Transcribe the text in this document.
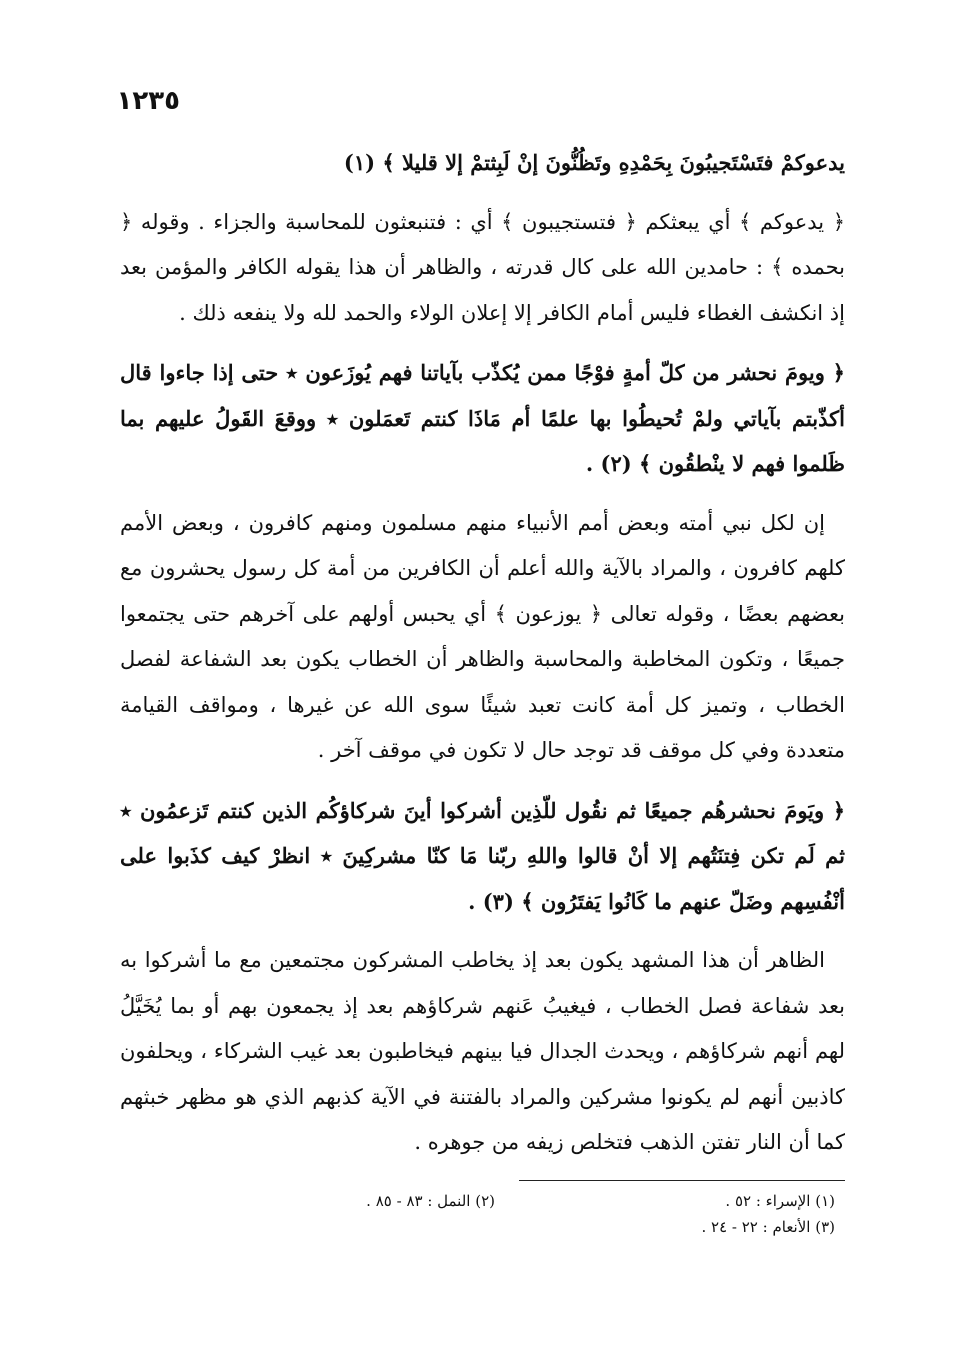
١٢٣٥

يدعوكمْ فتَسْتَجيبُونَ بِحَمْدِهِ وتَظُنُّونَ إنْ لَبِثتمْ إلا قليلا ﴾ (١)

﴿ يدعوكم ﴾ أي يبعثكم ﴿ فتستجيبون ﴾ أي : فتنبعثون للمحاسبة والجزاء . وقوله ﴿ بحمده ﴾ : حامدين الله على كال قدرته ، والظاهر أن هذا يقوله الكافر والمؤمن بعد إذ انكشف الغطاء فليس أمام الكافر إلا إعلان الولاء والحمد لله ولا ينفعه ذلك .

﴿ ويومَ نحشر من كلّ أمةٍ فوْجًا ممن يُكذّب بآياتنا فهم يُوزَعون ٭ حتى إذا جاءوا قال أكذّبتم بآياتي ولمْ تُحيطُوا بها علمًا أم مَاذَا كنتم تَعمَلون ٭ ووقعَ القَولُ عليهم بما ظَلموا فهم لا ينْطقُون ﴾ (٢) .

إن لكل نبي أمته وبعض أمم الأنبياء منهم مسلمون ومنهم كافرون ، وبعض الأمم كلهم كافرون ، والمراد بالآية والله أعلم أن الكافرين من أمة كل رسول يحشرون مع بعضهم بعضًا ، وقوله تعالى ﴿ يوزعون ﴾ أي يحبس أولهم على آخرهم حتى يجتمعوا جميعًا ، وتكون المخاطبة والمحاسبة والظاهر أن الخطاب يكون بعد الشفاعة لفصل الخطاب ، وتميز كل أمة كانت تعبد شيئًا سوى الله عن غيرها ، ومواقف القيامة متعددة وفي كل موقف قد توجد حال لا تكون في موقف آخر .

﴿ ويَومَ نحشرهُم جميعًا ثم نقُول للّذِين أشركوا أينَ شركاؤكُم الذين كنتم تَزعمُون ٭ ثم لَم تكن فِتنَتُهم إلا أنْ قالوا واللهِ ربّنا مَا كنّا مشركِينَ ٭ انظرْ كيف كذَبوا على أنْفُسِهم وضَلّ عنهم ما كَانُوا يَفتَرُون ﴾ (٣) .

الظاهر أن هذا المشهد يكون بعد إذ يخاطب المشركون مجتمعين مع ما أشركوا به بعد شفاعة فصل الخطاب ، فيغيبُ عَنهم شركاؤهم بعد إذ يجمعون بهم أو بما يُخَيَّلُ لهم أنهم شركاؤهم ، ويحدث الجدال فيا بينهم فيخاطبون بعد غيب الشركاء ، ويحلفون كاذبين أنهم لم يكونوا مشركين والمراد بالفتنة في الآية كذبهم الذي هو مظهر خبثهم كما أن النار تفتن الذهب فتخلص زيفه من جوهره .

(١) الإسراء : ٥٢ .
(٢) النمل : ٨٣ - ٨٥ .
(٣) الأنعام : ٢٢ - ٢٤ .
